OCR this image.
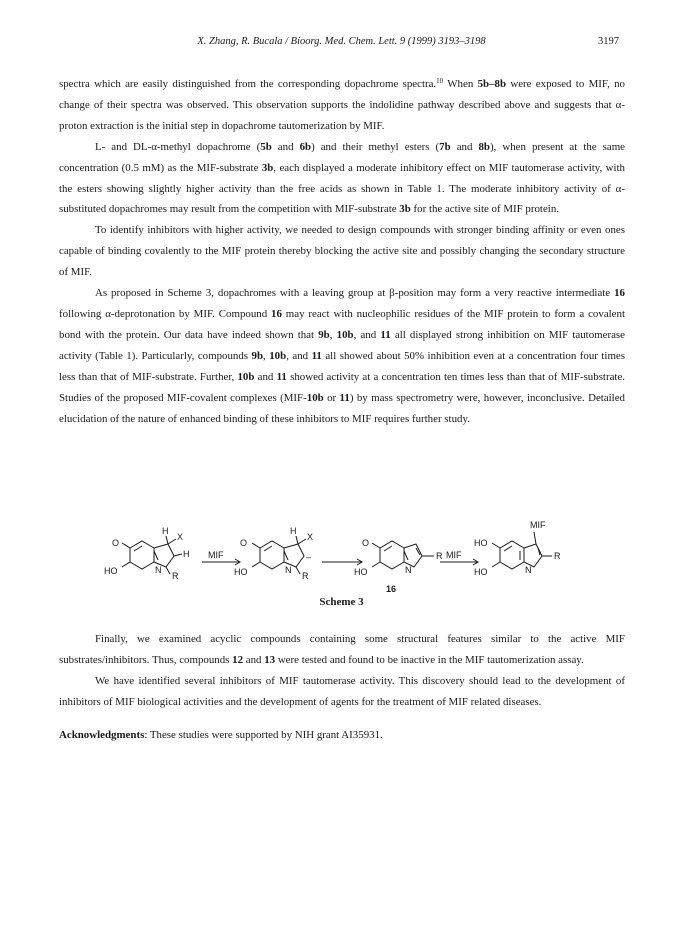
X. Zhang, R. Bucala / Bioorg. Med. Chem. Lett. 9 (1999) 3193–3198	3197

spectra which are easily distinguished from the corresponding dopachrome spectra.$^{10}$ When 5b–8b were exposed to MIF, no change of their spectra was observed. This observation supports the indolidine pathway described above and suggests that α-proton extraction is the initial step in dopachrome tautomerization by MIF.

L- and DL-α-methyl dopachrome (5b and 6b) and their methyl esters (7b and 8b), when present at the same concentration (0.5 mM) as the MIF-substrate 3b, each displayed a moderate inhibitory effect on MIF tautomerase activity, with the esters showing slightly higher activity than the free acids as shown in Table 1. The moderate inhibitory activity of α-substituted dopachromes may result from the competition with MIF-substrate 3b for the active site of MIF protein.

To identify inhibitors with higher activity, we needed to design compounds with stronger binding affinity or even ones capable of binding covalently to the MIF protein thereby blocking the active site and possibly changing the secondary structure of MIF.

As proposed in Scheme 3, dopachromes with a leaving group at β-position may form a very reactive intermediate 16 following α-deprotonation by MIF. Compound 16 may react with nucleophilic residues of the MIF protein to form a covalent bond with the protein. Our data have indeed shown that 9b, 10b, and 11 all displayed strong inhibition on MIF tautomerase activity (Table 1). Particularly, compounds 9b, 10b, and 11 all showed about 50% inhibition even at a concentration four times less than that of MIF-substrate. Further, 10b and 11 showed activity at a concentration ten times less than that of MIF-substrate. Studies of the proposed MIF-covalent complexes (MIF-10b or 11) by mass spectrometry were, however, inconclusive. Detailed elucidation of the nature of enhanced binding of these inhibitors to MIF requires further study.

O
HO
H
X
H
R
N
MIF
O
HO
H
X
–
N
R
O
HO	N
R MIF
HO
HO
MIF
N
R
16
Scheme 3

Finally, we examined acyclic compounds containing some structural features similar to the active MIF substrates/inhibitors. Thus, compounds 12 and 13 were tested and found to be inactive in the MIF tautomerization assay.

We have identified several inhibitors of MIF tautomerase activity. This discovery should lead to the development of inhibitors of MIF biological activities and the development of agents for the treatment of MIF related diseases.

Acknowledgments: These studies were supported by NIH grant AI35931.
